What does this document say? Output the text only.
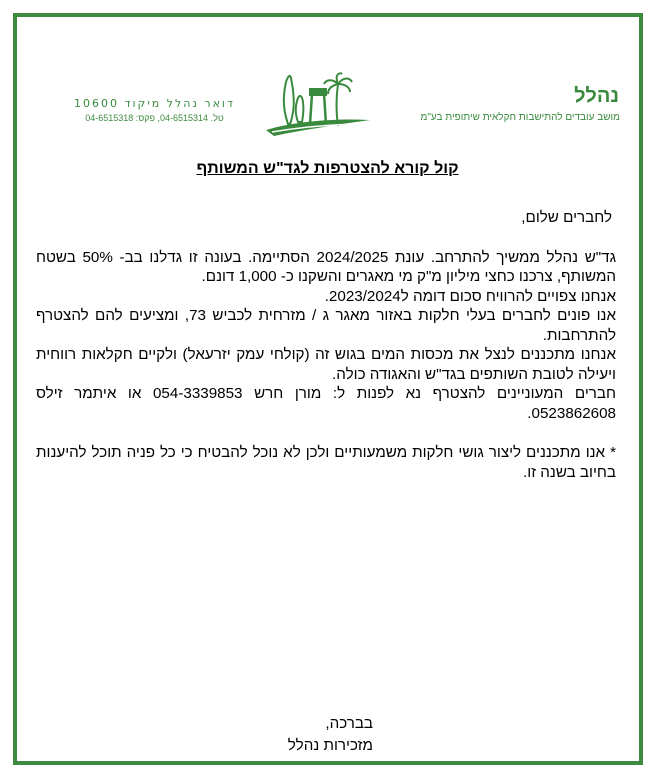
נהלל
מושב עובדים להתישבות חקלאית שיתופית בע"מ
דואר נהלל מיקוד 10600
טל. 04-6515314, פקס: 04-6515318
קול קורא להצטרפות לגד"ש המשותף

לחברים שלום,

גד"ש נהלל ממשיך להתרחב. עונת 2024/2025 הסתיימה. בעונה זו גדלנו בב- 50% בשטח המשותף, צרכנו כחצי מיליון מ"ק מי מאגרים והשקנו כ- 1,000 דונם.

אנחנו צפויים להרוויח סכום דומה ל2023/2024.

אנו פונים לחברים בעלי חלקות באזור מאגר ג / מזרחית לכביש 73, ומציעים להם להצטרף להתרחבות.

אנחנו מתכננים לנצל את מכסות המים בגוש זה (קולחי עמק יזרעאל) ולקיים חקלאות רווחית ויעילה לטובת השותפים בגד"ש והאגודה כולה.

חברים המעוניינים להצטרף נא לפנות ל: מורן חרש 054-3339853 או איתמר זילס 0523862608.

* אנו מתכננים ליצור גושי חלקות משמעותיים ולכן לא נוכל להבטיח כי כל פניה תוכל להיענות בחיוב בשנה זו.

בברכה,
מזכירות נהלל
